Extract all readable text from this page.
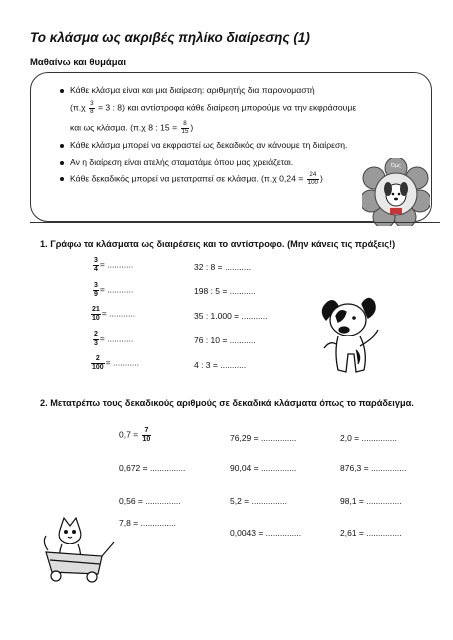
Το κλάσμα ως ακριβές πηλίκο διαίρεσης (1)
Μαθαίνω και θυμάμαι
Κάθε κλάσμα είναι και μια διαίρεση: αριθμητής δια παρονομαστή
($\pi.\chi \frac{3}{8} = 3$ : 8) και αντίστροφα κάθε διαίρεση μπορούμε να την εκφράσουμε
και ως κλάσμα. (π.χ 8 : $15 = \frac{8}{15}$ )
Κάθε κλάσμα μπορεί να εκφραστεί ως δεκαδικός αν κάνουμε τη διαίρεση.
Αν η διαίρεση είναι ατελής σταματάμε όπου μας χρειάζεται.
Κάθε δεκαδικός μπορεί να μετατραπεί σε κλάσμα. (π.χ $0,24 = \frac{24}{100}$ )
Όμς
1. Γράφω τα κλάσματα ως διαιρέσεις και το αντίστροφο. (Μην κάνεις τις πράξεις!)
$\frac{3}{4}$ = ...........
$\frac{3}{9}$ = ...........
$\frac{21}{10}$ = ...........
$\frac{2}{3}$ = ...........
$\frac{2}{100}$ = ...........
32 : 8 = ...........
198 : 5 = ...........
35 : 1.000 = ...........
76 : 10 = ...........
4 : 3 = ...........
2. Μετατρέπω τους δεκαδικούς αριθμούς σε δεκαδικά κλάσματα όπως το παράδειγμα.
$0,7 = \frac{7}{10}$
0,672 = ...............
0,56 = ...............
7,8 = ...............
76,29 = ...............
90,04 = ...............
5,2 = ...............
0,0043 = ...............
2,0 = ...............
876,3 = ...............
98,1 = ...............
2,61 = ...............
